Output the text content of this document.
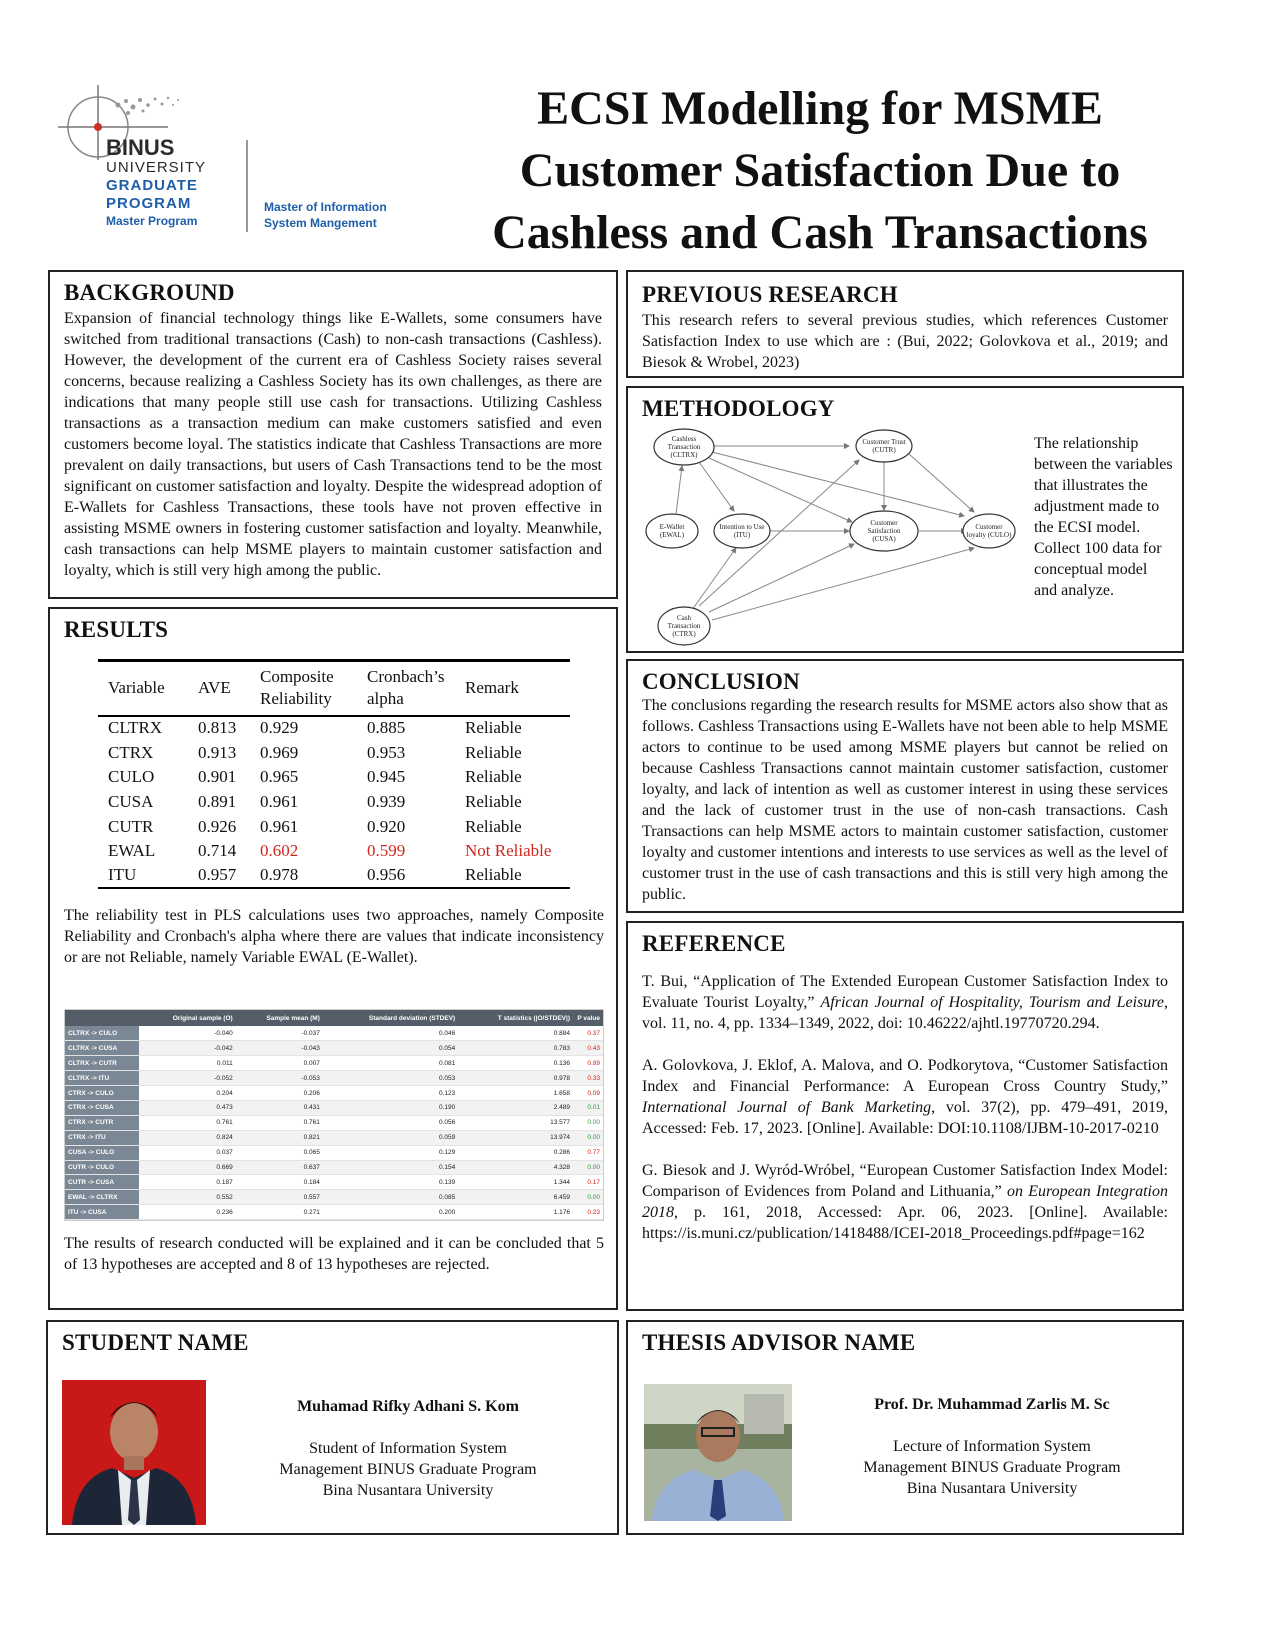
BINUS
UNIVERSITY
GRADUATE
PROGRAM
Master Program
Master of Information
System Mangement
ECSI Modelling for MSME Customer Satisfaction Due to Cashless and Cash Transactions
BACKGROUND
Expansion of financial technology things like E-Wallets, some consumers have switched from traditional transactions (Cash) to non-cash transactions (Cashless). However, the development of the current era of Cashless Society raises several concerns, because realizing a Cashless Society has its own challenges, as there are indications that many people still use cash for transactions. Utilizing Cashless transactions as a transaction medium can make customers satisfied and even customers become loyal. The statistics indicate that Cashless Transactions are more prevalent on daily transactions, but users of Cash Transactions tend to be the most significant on customer satisfaction and loyalty. Despite the widespread adoption of E-Wallets for Cashless Transactions, these tools have not proven effective in assisting MSME owners in fostering customer satisfaction and loyalty. Meanwhile, cash transactions can help MSME players to maintain customer satisfaction and loyalty, which is still very high among the public.
PREVIOUS RESEARCH
This research refers to several previous studies, which references Customer Satisfaction Index to use which are : (Bui, 2022; Golovkova et al., 2019; and Biesok & Wrobel, 2023)
METHODOLOGY
Cashless
Transaction
(CLTRX)
Customer Trust
(CUTR)
E-Wallet
(EWAL)
Intention to Use
(ITU)
Customer
Satisfaction
(CUSA)
Customer
loyalty (CULO)
Cash
Transaction
(CTRX)
The relationship between the variables that illustrates the adjustment made to the ECSI model. Collect 100 data for conceptual model and analyze.
RESULTS
Variable	AVE	Composite Reliability	Cronbach’s alpha	Remark
CLTRX	0.813	0.929	0.885	Reliable
CTRX	0.913	0.969	0.953	Reliable
CULO	0.901	0.965	0.945	Reliable
CUSA	0.891	0.961	0.939	Reliable
CUTR	0.926	0.961	0.920	Reliable
EWAL	0.714	0.602	0.599	Not Reliable
ITU	0.957	0.978	0.956	Reliable
The reliability test in PLS calculations uses two approaches, namely Composite Reliability and Cronbach's alpha where there are values that indicate inconsistency or are not Reliable, namely Variable EWAL (E-Wallet).
	Original sample (O)	Sample mean (M)	Standard deviation (STDEV)	T statistics (|O/STDEV|)	P value
CLTRX -> CULO	-0.040	-0.037	0.046	0.884	0.37
CLTRX -> CUSA	-0.042	-0.043	0.054	0.783	0.43
CLTRX -> CUTR	0.011	0.007	0.081	0.136	0.89
CLTRX -> ITU	-0.052	-0.053	0.053	0.978	0.33
CTRX -> CULO	0.204	0.206	0.123	1.658	0.09
CTRX -> CUSA	0.473	0.431	0.190	2.489	0.01
CTRX -> CUTR	0.761	0.761	0.056	13.577	0.00
CTRX -> ITU	0.824	0.821	0.059	13.974	0.00
CUSA -> CULO	0.037	0.065	0.129	0.286	0.77
CUTR -> CULO	0.669	0.637	0.154	4.328	0.00
CUTR -> CUSA	0.187	0.184	0.139	1.344	0.17
EWAL -> CLTRX	0.552	0.557	0.085	6.459	0.00
ITU -> CUSA	0.236	0.271	0.200	1.176	0.23
The results of research conducted will be explained and it can be concluded that 5 of 13 hypotheses are accepted and 8 of 13 hypotheses are rejected.
CONCLUSION
The conclusions regarding the research results for MSME actors also show that as follows. Cashless Transactions using E-Wallets have not been able to help MSME actors to continue to be used among MSME players but cannot be relied on because Cashless Transactions cannot maintain customer satisfaction, customer loyalty, and lack of intention as well as customer interest in using these services and the lack of customer trust in the use of non-cash transactions. Cash Transactions can help MSME actors to maintain customer satisfaction, customer loyalty and customer intentions and interests to use services as well as the level of customer trust in the use of cash transactions and this is still very high among the public.
REFERENCE
T. Bui, “Application of The Extended European Customer Satisfaction Index to Evaluate Tourist Loyalty,” African Journal of Hospitality, Tourism and Leisure, vol. 11, no. 4, pp. 1334–1349, 2022, doi: 10.46222/ajhtl.19770720.294.
A. Golovkova, J. Eklof, A. Malova, and O. Podkorytova, “Customer Satisfaction Index and Financial Performance: A European Cross Country Study,” International Journal of Bank Marketing, vol. 37(2), pp. 479–491, 2019, Accessed: Feb. 17, 2023. [Online]. Available: DOI:10.1108/IJBM-10-2017-0210
G. Biesok and J. Wyród-Wróbel, “European Customer Satisfaction Index Model: Comparison of Evidences from Poland and Lithuania,” on European Integration 2018, p. 161, 2018, Accessed: Apr. 06, 2023. [Online]. Available: https://is.muni.cz/publication/1418488/ICEI-2018_Proceedings.pdf#page=162
STUDENT NAME
Muhamad Rifky Adhani S. Kom
Student of Information System
Management BINUS Graduate Program
Bina Nusantara University
THESIS ADVISOR NAME
Prof. Dr. Muhammad Zarlis M. Sc
Lecture of Information System
Management BINUS Graduate Program
Bina Nusantara University
